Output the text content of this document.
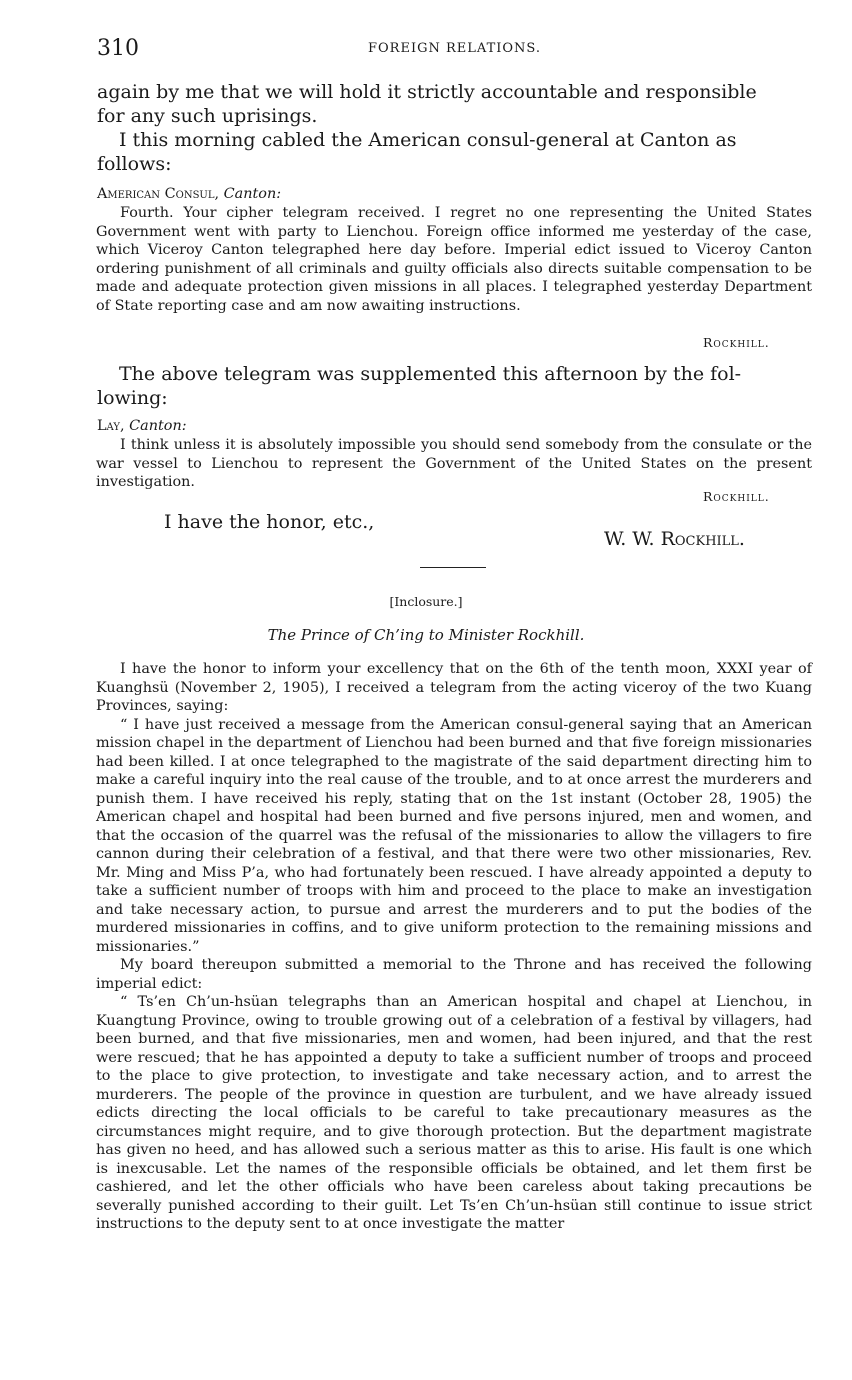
310	FOREIGN RELATIONS.
again by me that we will hold it strictly accountable and responsible
for any such uprisings.
I this morning cabled the American consul-general at Canton as
follows:
American Consul, Canton:

Fourth. Your cipher telegram received. I regret no one representing the United States Government went with party to Lienchou. Foreign office informed me yesterday of the case, which Viceroy Canton telegraphed here day before. Imperial edict issued to Viceroy Canton ordering punishment of all criminals and guilty officials also directs suitable compensation to be made and adequate protection given missions in all places. I telegraphed yesterday Department of State reporting case and am now awaiting instructions.

Rockhill.
The above telegram was supplemented this afternoon by the fol-
lowing:
Lay, Canton:

I think unless it is absolutely impossible you should send somebody from the consulate or the war vessel to Lienchou to represent the Government of the United States on the present investigation.

Rockhill.
I have the honor, etc.,
W. W. Rockhill.
[Inclosure.]
The Prince of Ch’ing to Minister Rockhill.

I have the honor to inform your excellency that on the 6th of the tenth moon, XXXI year of Kuanghsü (November 2, 1905), I received a telegram from the acting viceroy of the two Kuang Provinces, saying:

“ I have just received a message from the American consul-general saying that an American mission chapel in the department of Lienchou had been burned and that five foreign missionaries had been killed. I at once telegraphed to the magistrate of the said department directing him to make a careful inquiry into the real cause of the trouble, and to at once arrest the murderers and punish them. I have received his reply, stating that on the 1st instant (October 28, 1905) the American chapel and hospital had been burned and five persons injured, men and women, and that the occasion of the quarrel was the refusal of the missionaries to allow the villagers to fire cannon during their celebration of a festival, and that there were two other missionaries, Rev. Mr. Ming and Miss P’a, who had fortunately been rescued. I have already appointed a deputy to take a sufficient number of troops with him and proceed to the place to make an investigation and take necessary action, to pursue and arrest the murderers and to put the bodies of the murdered missionaries in coffins, and to give uniform protection to the remaining missions and missionaries.”

My board thereupon submitted a memorial to the Throne and has received the following imperial edict:

“ Ts’en Ch’un-hsüan telegraphs than an American hospital and chapel at Lienchou, in Kuangtung Province, owing to trouble growing out of a celebration of a festival by villagers, had been burned, and that five missionaries, men and women, had been injured, and that the rest were rescued; that he has appointed a deputy to take a sufficient number of troops and proceed to the place to give protection, to investigate and take necessary action, and to arrest the murderers. The people of the province in question are turbulent, and we have already issued edicts directing the local officials to be careful to take precautionary measures as the circumstances might require, and to give thorough protection. But the department magistrate has given no heed, and has allowed such a serious matter as this to arise. His fault is one which is inexcusable. Let the names of the responsible officials be obtained, and let them first be cashiered, and let the other officials who have been careless about taking precautions be severally punished according to their guilt. Let Ts’en Ch’un-hsüan still continue to issue strict instructions to the deputy sent to at once investigate the matter
